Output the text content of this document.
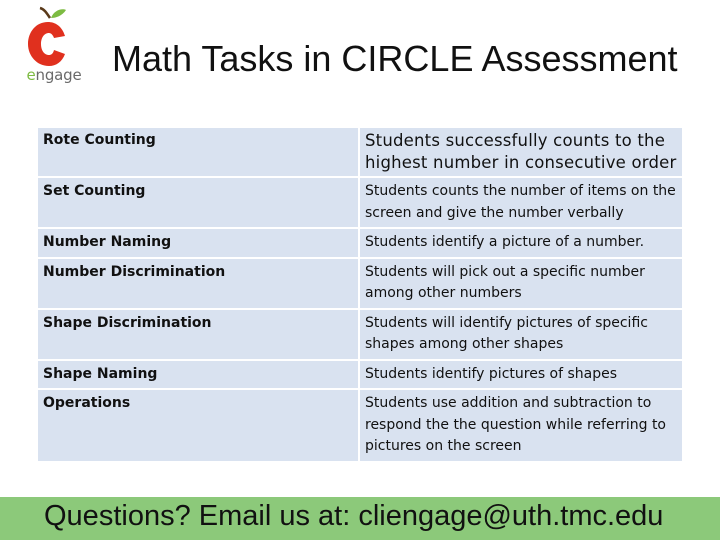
engage Math Tasks in CIRCLE Assessment
Rote Counting	Students successfully counts to the highest number in consecutive order
Set Counting	Students counts the number of items on the screen and give the number verbally
Number Naming	Students identify a picture of a number.
Number Discrimination	Students will pick out a specific number among other numbers
Shape Discrimination	Students will identify pictures of specific shapes among other shapes
Shape Naming	Students identify pictures of shapes
Operations	Students use addition and subtraction to respond the the question while referring to pictures on the screen
Questions? Email us at: cliengage@uth.tmc.edu
